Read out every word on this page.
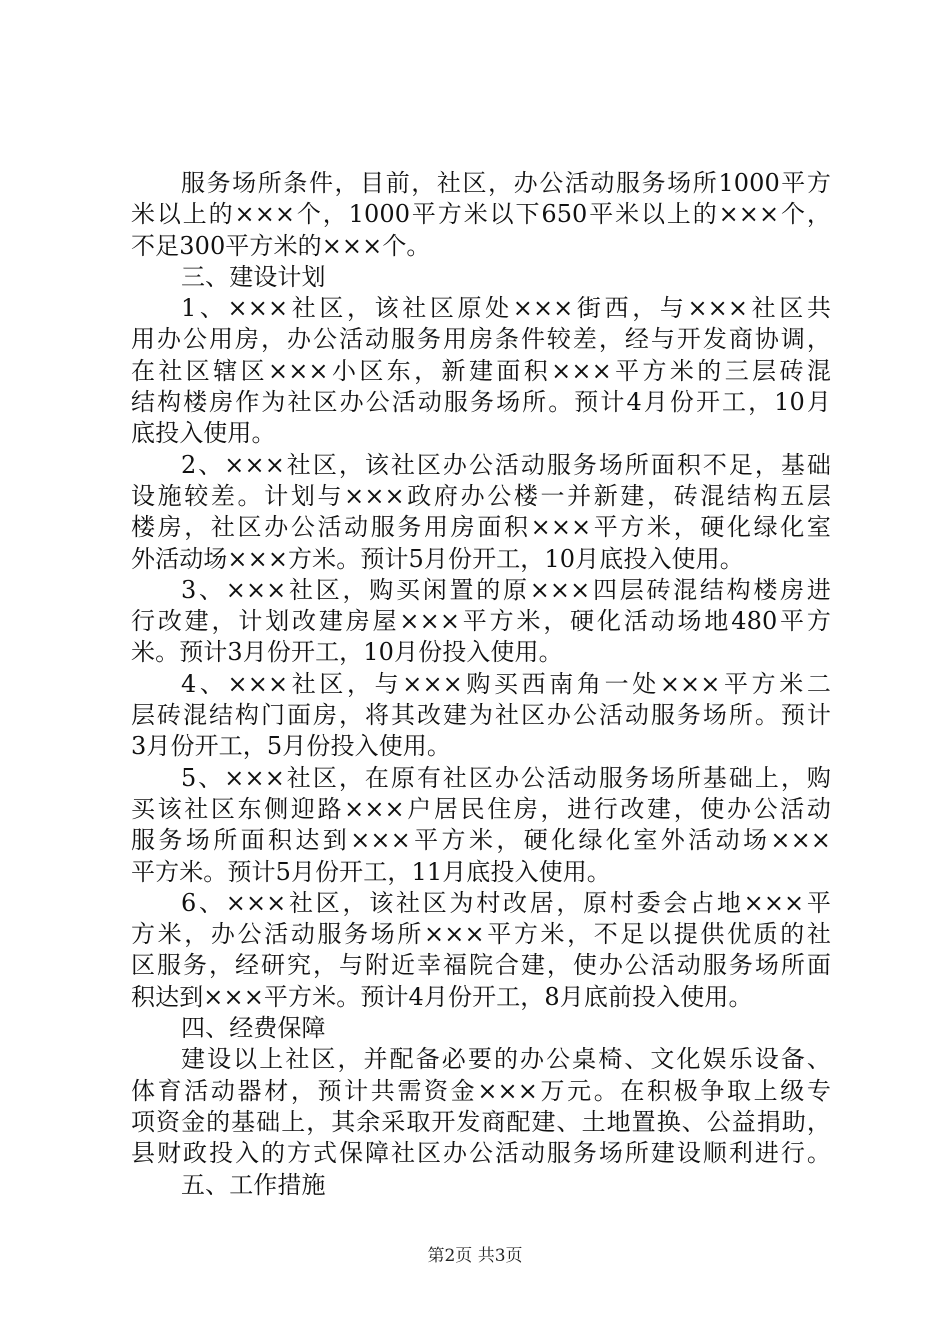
服务场所条件，目前，社区，办公活动服务场所1000平方
米以上的×××个，1000平方米以下650平米以上的×××个，
不足300平方米的×××个。
三、建设计划
1、×××社区，该社区原处×××街西，与×××社区共
用办公用房，办公活动服务用房条件较差，经与开发商协调，
在社区辖区×××小区东，新建面积×××平方米的三层砖混
结构楼房作为社区办公活动服务场所。预计4月份开工，10月
底投入使用。
2、×××社区，该社区办公活动服务场所面积不足，基础
设施较差。计划与×××政府办公楼一并新建，砖混结构五层
楼房，社区办公活动服务用房面积×××平方米，硬化绿化室
外活动场×××方米。预计5月份开工，10月底投入使用。
3、×××社区，购买闲置的原×××四层砖混结构楼房进
行改建，计划改建房屋×××平方米，硬化活动场地480平方
米。预计3月份开工，10月份投入使用。
4、×××社区，与×××购买西南角一处×××平方米二
层砖混结构门面房，将其改建为社区办公活动服务场所。预计
3月份开工，5月份投入使用。
5、×××社区，在原有社区办公活动服务场所基础上，购
买该社区东侧迎路×××户居民住房，进行改建，使办公活动
服务场所面积达到×××平方米，硬化绿化室外活动场×××
平方米。预计5月份开工，11月底投入使用。
6、×××社区，该社区为村改居，原村委会占地×××平
方米，办公活动服务场所×××平方米，不足以提供优质的社
区服务，经研究，与附近幸福院合建，使办公活动服务场所面
积达到×××平方米。预计4月份开工，8月底前投入使用。
四、经费保障
建设以上社区，并配备必要的办公桌椅、文化娱乐设备、
体育活动器材，预计共需资金×××万元。在积极争取上级专
项资金的基础上，其余采取开发商配建、土地置换、公益捐助，
县财政投入的方式保障社区办公活动服务场所建设顺利进行。
五、工作措施
第2页 共3页
